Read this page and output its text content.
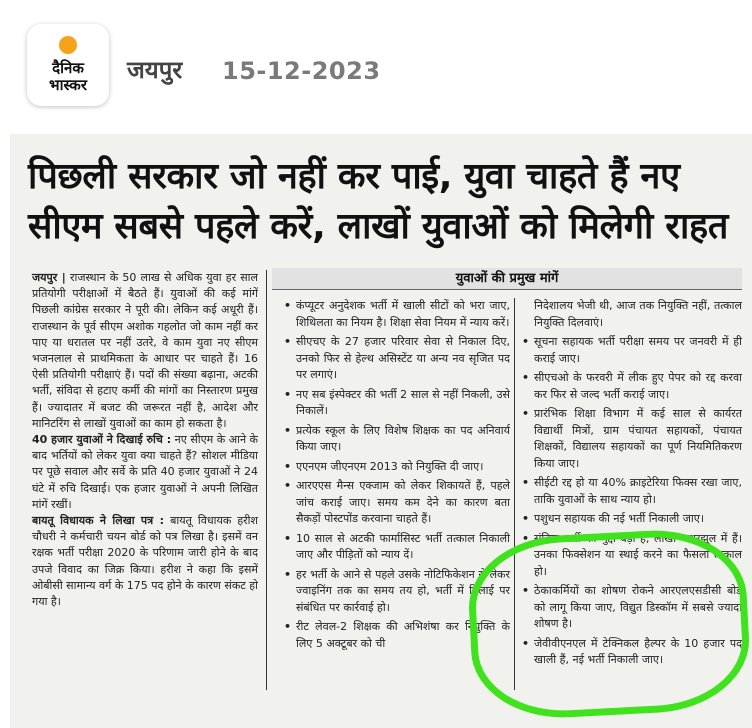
दैनिक
भास्कर
जयपुर 15-12-2023
पिछली सरकार जो नहीं कर पाई, युवा चाहते हैं नए सीएम सबसे पहले करें, लाखों युवाओं को मिलेगी राहत
जयपुर | राजस्थान के 50 लाख से अधिक युवा हर साल प्रतियोगी परीक्षाओं में बैठते हैं। युवाओं की कई मांगें पिछली कांग्रेस सरकार ने पूरी की। लेकिन कई अधूरी हैं। राजस्थान के पूर्व सीएम अशोक गहलोत जो काम नहीं कर पाए या धरातल पर नहीं उतरे, वे काम युवा नए सीएम भजनलाल से प्राथमिकता के आधार पर चाहते हैं। 16 ऐसी प्रतियोगी परीक्षाएं हैं। पदों की संख्या बढ़ाना, अटकी भर्ती, संविदा से हटाए कर्मी की मांगों का निस्तारण प्रमुख हैं। ज्यादातर में बजट की जरूरत नहीं है, आदेश और मानिटरिंग से लाखों युवाओं का काम हो सकता है।
40 हजार युवाओं ने दिखाई रुचि : नए सीएम के आने के बाद भर्तियों को लेकर युवा क्या चाहते हैं? सोशल मीडिया पर पूछे सवाल और सर्वे के प्रति 40 हजार युवाओं ने 24 घंटे में रुचि दिखाई। एक हजार युवाओं ने अपनी लिखित मांगें रखीं।
बायतू विधायक ने लिखा पत्र : बायतू विधायक हरीश चौधरी ने कर्मचारी चयन बोर्ड को पत्र लिखा है। इसमें वन रक्षक भर्ती परीक्षा 2020 के परिणाम जारी होने के बाद उपजे विवाद का जिक्र किया। हरीश ने कहा कि इसमें ओबीसी सामान्य वर्ग के 175 पद होने के कारण संकट हो गया है।
युवाओं की प्रमुख मांगें
• कंप्यूटर अनुदेशक भर्ती में खाली सीटों को भरा जाए, शिथिलता का नियम है। शिक्षा सेवा नियम में न्याय करें।
• सीएचए के 27 हजार परिवार सेवा से निकाल दिए, उनको फिर से हेल्थ असिस्टेंट या अन्य नव सृजित पद पर लगाएं।
• नए सब इंस्पेक्टर की भर्ती 2 साल से नहीं निकली, उसे निकालें।
• प्रत्येक स्कूल के लिए विशेष शिक्षक का पद अनिवार्य किया जाए।
• एएनएम जीएनएम 2013 को नियुक्ति दी जाए।
• आरएएस मैन्स एक्जाम को लेकर शिकायतें हैं, पहले जांच कराई जाए। समय कम देने का कारण बता सैकड़ों पोस्टपोंड करवाना चाहते हैं।
• 10 साल से अटकी फार्मासिस्ट भर्ती तत्काल निकाली जाए और पीड़ितों को न्याय दें।
• हर भर्ती के आने से पहले उसके नोटिफिकेशन से लेकर ज्वाइनिंग तक का समय तय हो, भर्ती में ढिलाई पर संबंधित पर कार्रवाई हो।
• रीट लेवल-2 शिक्षक की अभिशंषा कर नियुक्ति के लिए 5 अक्टूबर को ची
निदेशालय भेजी थी, आज तक नियुक्ति नहीं, तत्काल नियुक्ति दिलवाएं।
• सूचना सहायक भर्ती परीक्षा समय पर जनवरी में ही कराई जाए।
• सीएचओ के फरवरी में लीक हुए पेपर को रद्द करवा कर फिर से जल्द भर्ती कराई जाए।
• प्रारंभिक शिक्षा विभाग में कई साल से कार्यरत विद्यार्थी मित्रों, ग्राम पंचायत सहायकों, पंचायत शिक्षकों, विद्यालय सहायकों का पूर्ण नियमितिकरण किया जाए।
• सीईटी रद्द हो या 40% क्राइटेरिया फिक्स रखा जाए, ताकि युवाओं के साथ न्याय हो।
• पशुधन सहायक की नई भर्ती निकाली जाए।
• संविदा भर्ती का मुद्दा बड़ा है, लाखों अधरझूल में हैं। उनका फिक्सेशन या स्थाई करने का फैसला तत्काल हो।
• ठेकाकर्मियों का शोषण रोकने आरएलएसडीसी बोर्ड को लागू किया जाए, विद्युत डिस्कॉम में सबसे ज्यादा शोषण है।
• जेवीवीएनएल में टेक्निकल हैल्पर के 10 हजार पद खाली हैं, नई भर्ती निकाली जाए।
